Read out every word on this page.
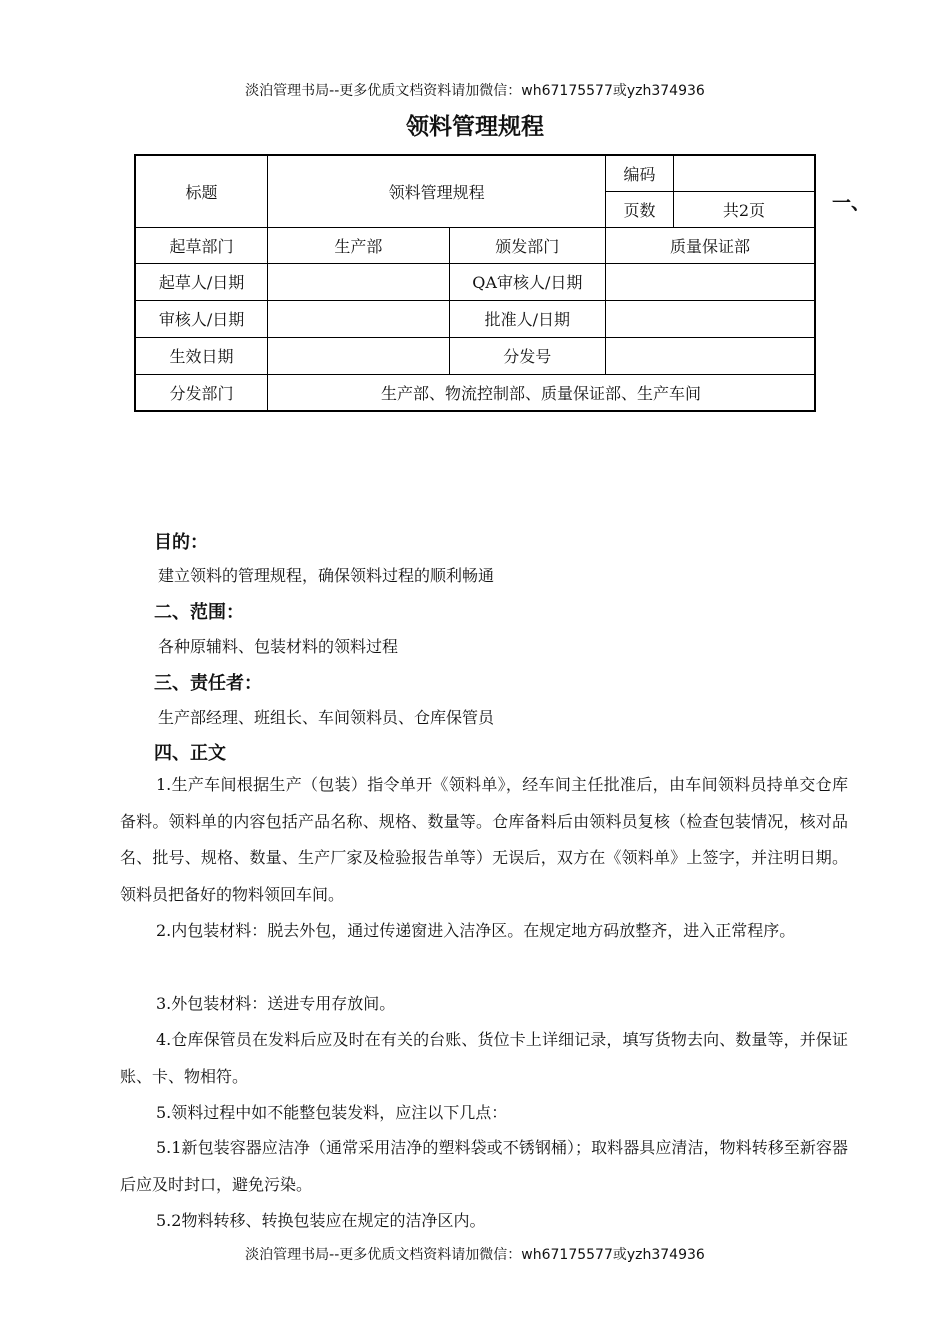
淡泊管理书局--更多优质文档资料请加微信：wh67175577或yzh374936
领料管理规程
标题	领料管理规程		编码	
			页数	共2页
起草部门	生产部	颁发部门	质量保证部	
起草人/日期		QA审核人/日期		
审核人/日期		批准人/日期		
生效日期		分发号		
分发部门	生产部、物流控制部、质量保证部、生产车间			
一、
目的：
建立领料的管理规程，确保领料过程的顺利畅通
二、范围：
各种原辅料、包装材料的领料过程
三、责任者：
生产部经理、班组长、车间领料员、仓库保管员
四、正文
1.生产车间根据生产（包装）指令单开《领料单》，经车间主任批准后，由车间领料员持单交仓库备料。领料单的内容包括产品名称、规格、数量等。仓库备料后由领料员复核（检查包装情况，核对品名、批号、规格、数量、生产厂家及检验报告单等）无误后，双方在《领料单》上签字，并注明日期。领料员把备好的物料领回车间。
2.内包装材料：脱去外包，通过传递窗进入洁净区。在规定地方码放整齐，进入正常程序。
3.外包装材料：送进专用存放间。
4.仓库保管员在发料后应及时在有关的台账、货位卡上详细记录，填写货物去向、数量等，并保证账、卡、物相符。
5.领料过程中如不能整包装发料，应注以下几点：
5.1新包装容器应洁净（通常采用洁净的塑料袋或不锈钢桶）；取料器具应清洁，物料转移至新容器后应及时封口，避免污染。
5.2物料转移、转换包装应在规定的洁净区内。
淡泊管理书局--更多优质文档资料请加微信：wh67175577或yzh374936
